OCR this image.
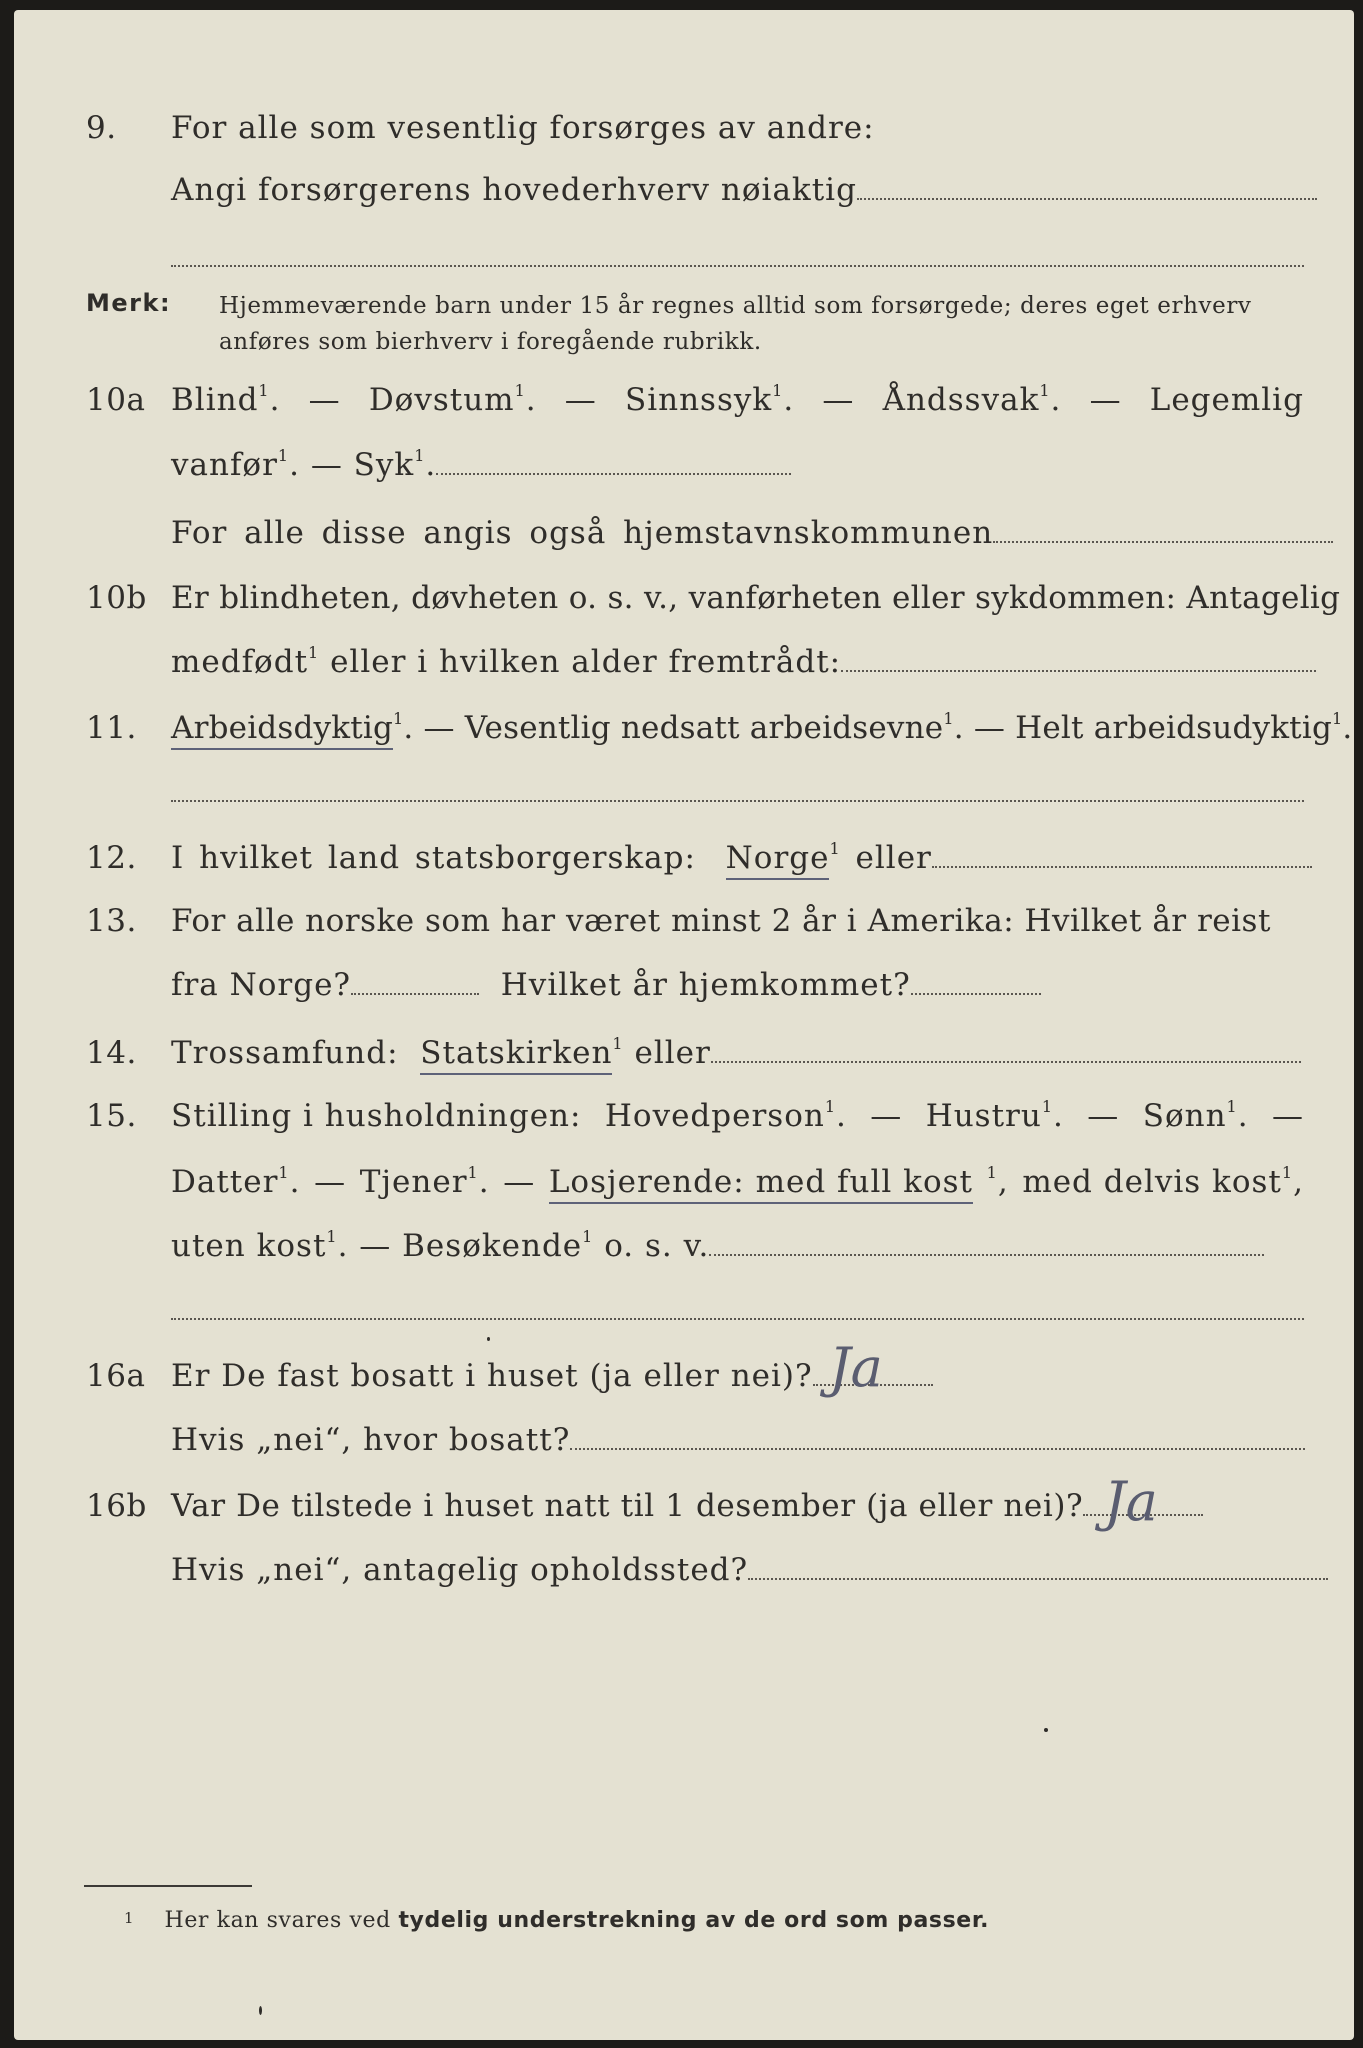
9.	For alle som vesentlig forsørges av andre:
Angi forsørgerens hovederhverv nøiaktig
Merk: Hjemmeværende barn under 15 år regnes alltid som forsørgede; deres eget erhverv
anføres som bierhverv i foregående rubrikk.
10a Blind$^1$. — Døvstum$^1$. — Sinnssyk$^1$. — Åndssvak$^1$. — Legemlig
vanfør$^1$. — Syk$^1$.
For alle disse angis også hjemstavnskommunen
10b Er blindheten, døvheten o. s. v., vanførheten eller sykdommen: Antagelig
medfødt$^1$ eller i hvilken alder fremtrådt:
11.	Arbeidsdyktig$^1$. — Vesentlig nedsatt arbeidsevne$^1$. — Helt arbeidsudyktig$^1$.
12.	I hvilket land statsborgerskap: Norge$^1$ eller
13.	For alle norske som har været minst 2 år i Amerika: Hvilket år reist
fra Norge?	Hvilket år hjemkommet?
14.	Trossamfund: Statskirken$^1$ eller
15.	Stilling i husholdningen: Hovedperson$^1$. — Hustru$^1$. — Sønn$^1$. —
Datter$^1$. — Tjener$^1$. — Losjerende: med full kost $^1$, med delvis kost$^1$,
uten kost$^1$. — Besøkende$^1$ o. s. v.
16a Er De fast bosatt i huset (ja eller nei)? Ja
Hvis „nei“, hvor bosatt?
16b Var De tilstede i huset natt til 1 desember (ja eller nei)? Ja
Hvis „nei“, antagelig opholdssted?
1 Her kan svares ved tydelig understrekning av de ord som passer.
